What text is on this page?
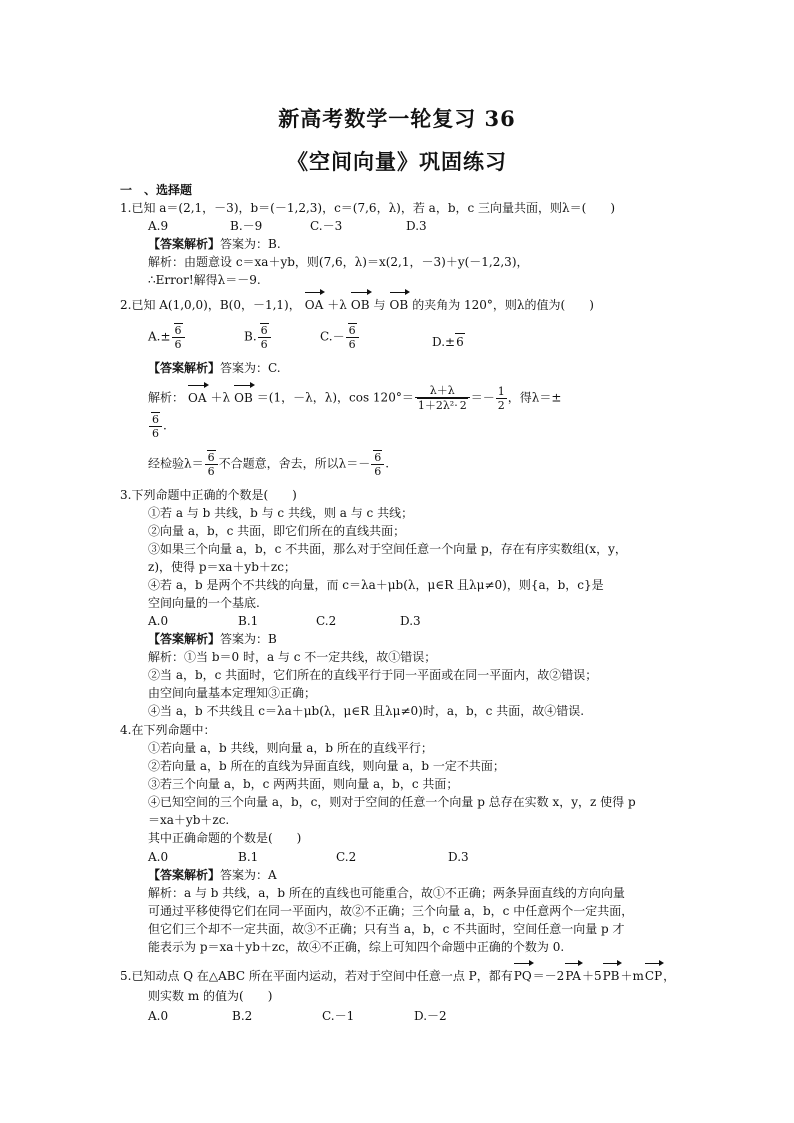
新高考数学一轮复习 36
《空间向量》巩固练习
一　、选择题
1.已知 a＝(2,1，－3)，b＝(－1,2,3)，c＝(7,6，λ)，若 a，b，c 三向量共面，则λ＝(　　)
A.9	B.－9	C.－3	D.3
【答案解析】答案为：B.
解析：由题意设 c＝xa＋yb，则(7,6，λ)＝x(2,1，－3)＋y(－1,2,3)，
∴Error!解得λ＝－9.
2.已知 A(1,0,0)，B(0，－1,1)， OA ＋λ OB 与 OB 的夹角为 120°，则λ的值为(　　)
$A.\pm \frac{6}{6}$	B. $\frac{6}{6}$	$C.- \frac{6}{6}$	D.±6
【答案解析】答案为：C.
解析： OA ＋λ OB ＝(1，－λ，λ)，$\cos 120^\circ= \frac{\lambda+\lambda}{\text{1＋2λ²· 2}} =- \frac{1}{2}$ ，得λ＝±
$\frac{6}{6}$ .
经检验$\lambda= \frac{6}{6}$ 不合题意，舍去，所以$\lambda=- \frac{6}{6}$ .
3.下列命题中正确的个数是(　　)
①若 a 与 b 共线，b 与 c 共线，则 a 与 c 共线；
②向量 a，b，c 共面，即它们所在的直线共面；
③如果三个向量 a，b，c 不共面，那么对于空间任意一个向量 p，存在有序实数组(x，y，
z)，使得 p＝xa＋yb＋zc；
④若 a，b 是两个不共线的向量，而 c＝λa＋μb(λ，μ∈R 且λμ≠0)，则{a，b，c}是
空间向量的一个基底.
A.0	B.1	C.2	D.3
【答案解析】答案为：B
解析：①当 b＝0 时，a 与 c 不一定共线，故①错误；
②当 a，b，c 共面时，它们所在的直线平行于同一平面或在同一平面内，故②错误；
由空间向量基本定理知③正确；
④当 a，b 不共线且 c＝λa＋μb(λ，μ∈R 且λμ≠0)时，a，b，c 共面，故④错误.
4.在下列命题中：
①若向量 a，b 共线，则向量 a，b 所在的直线平行；
②若向量 a，b 所在的直线为异面直线，则向量 a，b 一定不共面；
③若三个向量 a，b，c 两两共面，则向量 a，b，c 共面；
④已知空间的三个向量 a，b，c，则对于空间的任意一个向量 p 总存在实数 x，y，z 使得 p
＝xa＋yb＋zc.
其中正确命题的个数是(　　)
A.0	B.1	C.2	D.3
【答案解析】答案为：A
解析：a 与 b 共线，a，b 所在的直线也可能重合，故①不正确；两条异面直线的方向向量
可通过平移使得它们在同一平面内，故②不正确；三个向量 a，b，c 中任意两个一定共面，
但它们三个却不一定共面，故③不正确；只有当 a，b，c 不共面时，空间任意一向量 p 才
能表示为 p＝xa＋yb＋zc，故④不正确，综上可知四个命题中正确的个数为 0.
5.已知动点 Q 在△ABC 所在平面内运动，若对于空间中任意一点 P，都有PQ＝－2PA＋5PB＋mCP，
则实数 m 的值为(　　)
A.0	B.2	C.－1	D.－2
